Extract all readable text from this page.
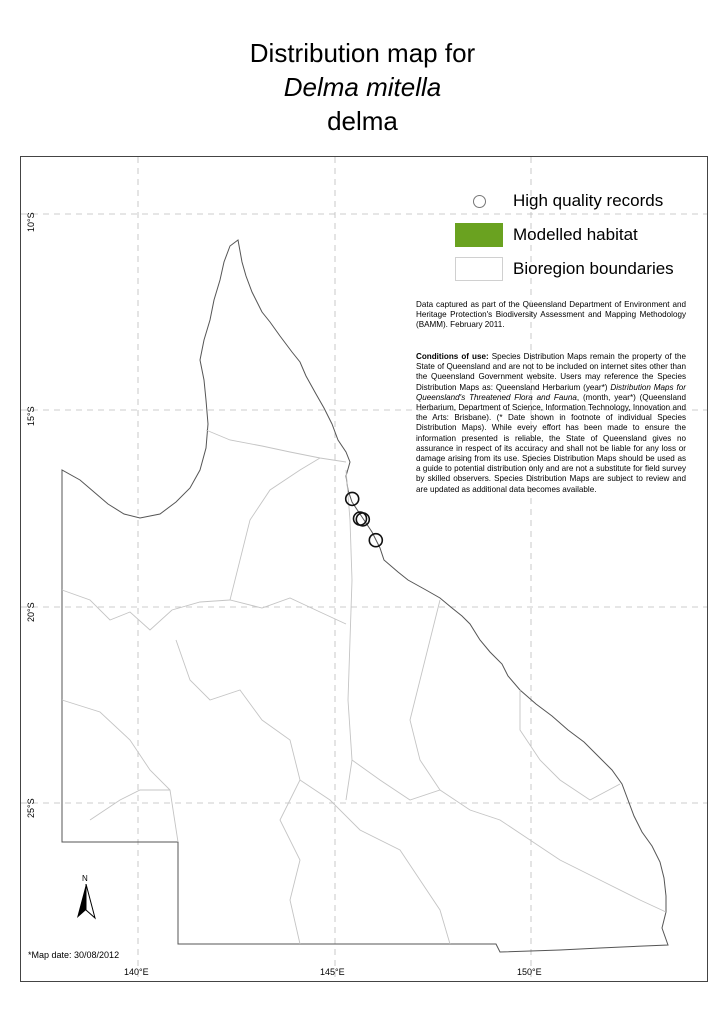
Distribution map for
Delma mitella
delma
10°S
15°S
20°S
25°S
140°E	145°E	150°E
High quality records
Modelled habitat
Bioregion boundaries
Data captured as part of the Queensland Department of Environment and Heritage Protection's Biodiversity Assessment and Mapping Methodology (BAMM). February 2011.
Conditions of use: Species Distribution Maps remain the property of the State of Queensland and are not to be included on internet sites other than the Queensland Government website. Users may reference the Species Distribution Maps as: Queensland Herbarium (year*) Distribution Maps for Queensland's Threatened Flora and Fauna, (month, year*) (Queensland Herbarium, Department of Science, Information Technology, Innovation and the Arts: Brisbane). (* Date shown in footnote of individual Species Distribution Maps). While every effort has been made to ensure the information presented is reliable, the State of Queensland gives no assurance in respect of its accuracy and shall not be liable for any loss or damage arising from its use. Species Distribution Maps should be used as a guide to potential distribution only and are not a substitute for field survey by skilled observers. Species Distribution Maps are subject to review and are updated as additional data becomes available.
N
*Map date: 30/08/2012
